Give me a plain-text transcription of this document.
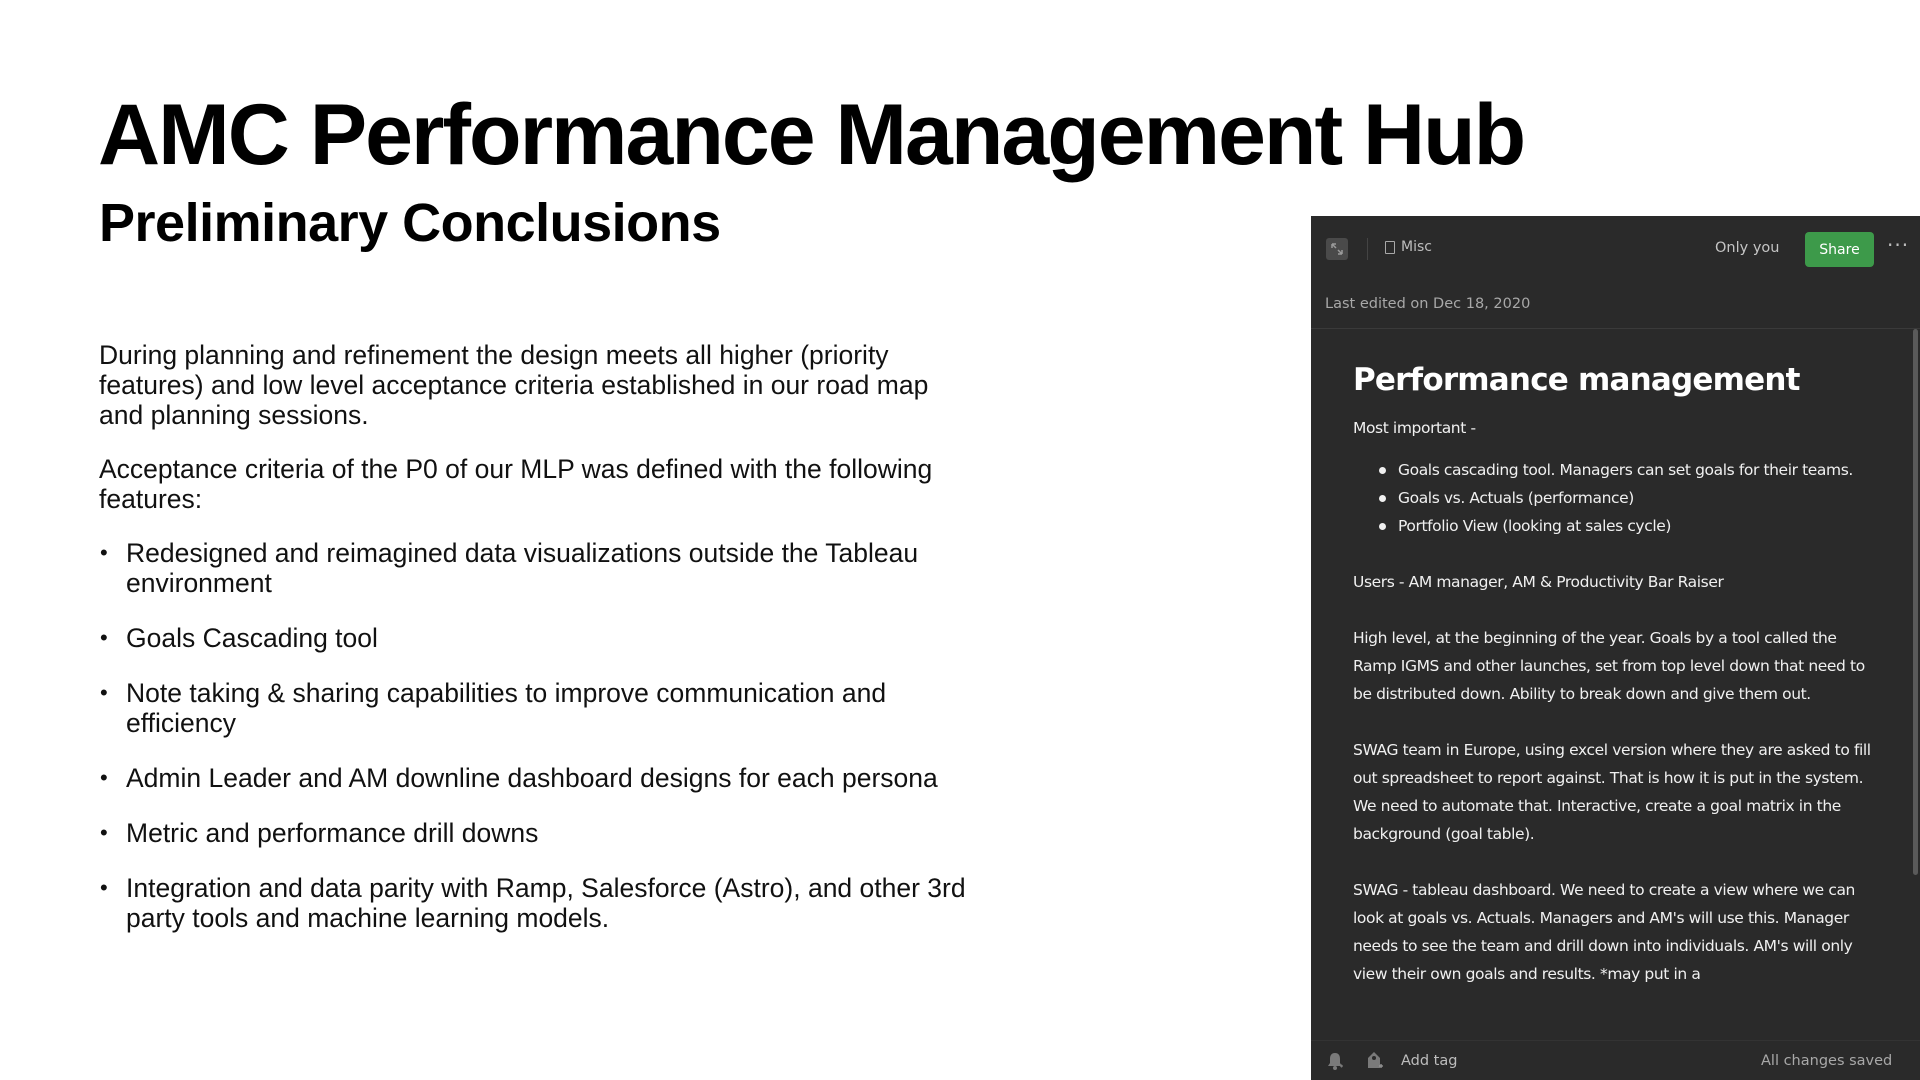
AMC Performance Management Hub
Preliminary Conclusions

During planning and refinement the design meets all higher (priority features) and low level acceptance criteria established in our road map and planning sessions.

Acceptance criteria of the P0 of our MLP was defined with the following features:

• Redesigned and reimagined data visualizations outside the Tableau environment
• Goals Cascading tool
• Note taking & sharing capabilities to improve communication and efficiency
• Admin Leader and AM downline dashboard designs for each persona
• Metric and performance drill downs
• Integration and data parity with Ramp, Salesforce (Astro), and other 3rd party tools and machine learning models.
Misc	Only you	Share	···
Last edited on Dec 18, 2020
Performance management
Most important -
Goals cascading tool. Managers can set goals for their teams.
Goals vs. Actuals (performance)
Portfolio View (looking at sales cycle)
Users - AM manager, AM & Productivity Bar Raiser
High level, at the beginning of the year. Goals by a tool called the Ramp IGMS and other launches, set from top level down that need to be distributed down. Ability to break down and give them out.
SWAG team in Europe, using excel version where they are asked to fill out spreadsheet to report against. That is how it is put in the system. We need to automate that. Interactive, create a goal matrix in the background (goal table).
SWAG - tableau dashboard. We need to create a view where we can look at goals vs. Actuals. Managers and AM's will use this. Manager needs to see the team and drill down into individuals. AM's will only view their own goals and results. *may put in a
Add tag	All changes saved
